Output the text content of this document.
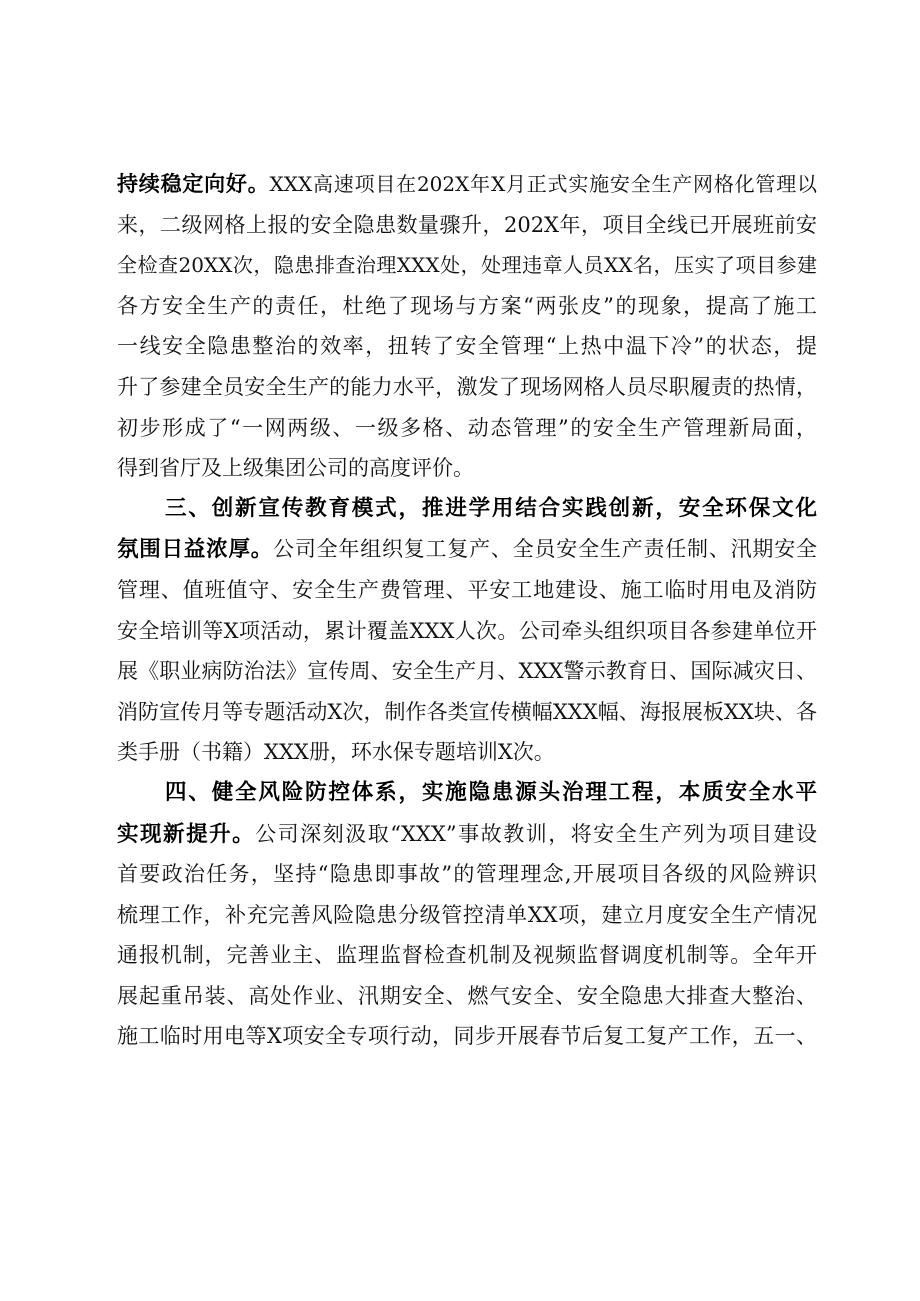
持续稳定向好。XXX高速项目在202X年X月正式实施安全生产网格化管理以
来，二级网格上报的安全隐患数量骤升，202X年，项目全线已开展班前安
全检查20XX次，隐患排查治理XXX处，处理违章人员XX名，压实了项目参建
各方安全生产的责任，杜绝了现场与方案“两张皮”的现象，提高了施工
一线安全隐患整治的效率，扭转了安全管理“上热中温下冷”的状态，提
升了参建全员安全生产的能力水平，激发了现场网格人员尽职履责的热情，
初步形成了“一网两级、一级多格、动态管理”的安全生产管理新局面，
得到省厅及上级集团公司的高度评价。
三、创新宣传教育模式，推进学用结合实践创新，安全环保文化
氛围日益浓厚。公司全年组织复工复产、全员安全生产责任制、汛期安全
管理、值班值守、安全生产费管理、平安工地建设、施工临时用电及消防
安全培训等X项活动，累计覆盖XXX人次。公司牵头组织项目各参建单位开
展《职业病防治法》宣传周、安全生产月、XXX警示教育日、国际减灾日、
消防宣传月等专题活动X次，制作各类宣传横幅XXX幅、海报展板XX块、各
类手册（书籍）XXX册，环水保专题培训X次。
四、健全风险防控体系，实施隐患源头治理工程，本质安全水平
实现新提升。公司深刻汲取“XXX”事故教训，将安全生产列为项目建设
首要政治任务，坚持“隐患即事故”的管理理念,开展项目各级的风险辨识
梳理工作，补充完善风险隐患分级管控清单XX项，建立月度安全生产情况
通报机制，完善业主、监理监督检查机制及视频监督调度机制等。全年开
展起重吊装、高处作业、汛期安全、燃气安全、安全隐患大排查大整治、
施工临时用电等X项安全专项行动，同步开展春节后复工复产工作，五一、
